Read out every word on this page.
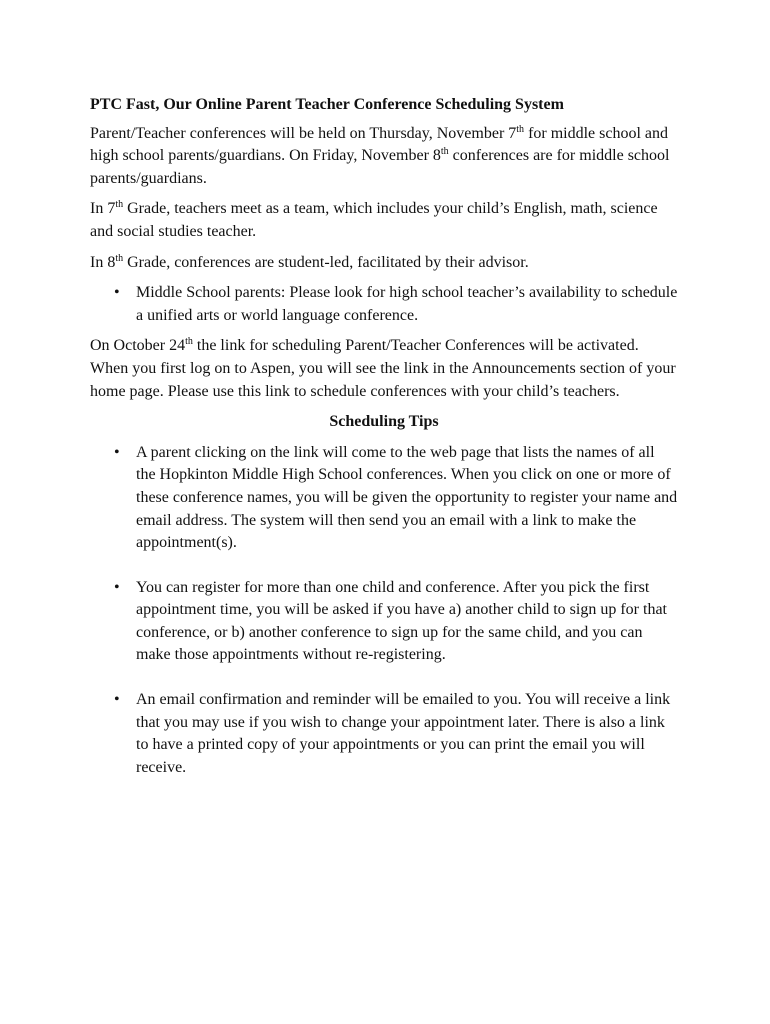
PTC Fast, Our Online Parent Teacher Conference Scheduling System

Parent/Teacher conferences will be held on Thursday, November 7th for middle school and high school parents/guardians. On Friday, November 8th conferences are for middle school parents/guardians.

In 7th Grade, teachers meet as a team, which includes your child’s English, math, science and social studies teacher.

In 8th Grade, conferences are student-led, facilitated by their advisor.

• Middle School parents: Please look for high school teacher’s availability to schedule a unified arts or world language conference.

On October 24th the link for scheduling Parent/Teacher Conferences will be activated. When you first log on to Aspen, you will see the link in the Announcements section of your home page. Please use this link to schedule conferences with your child’s teachers.

Scheduling Tips
• A parent clicking on the link will come to the web page that lists the names of all the Hopkinton Middle High School conferences. When you click on one or more of these conference names, you will be given the opportunity to register your name and email address. The system will then send you an email with a link to make the appointment(s).
• You can register for more than one child and conference. After you pick the first appointment time, you will be asked if you have a) another child to sign up for that conference, or b) another conference to sign up for the same child, and you can make those appointments without re-registering.
• An email confirmation and reminder will be emailed to you. You will receive a link that you may use if you wish to change your appointment later. There is also a link to have a printed copy of your appointments or you can print the email you will receive.
